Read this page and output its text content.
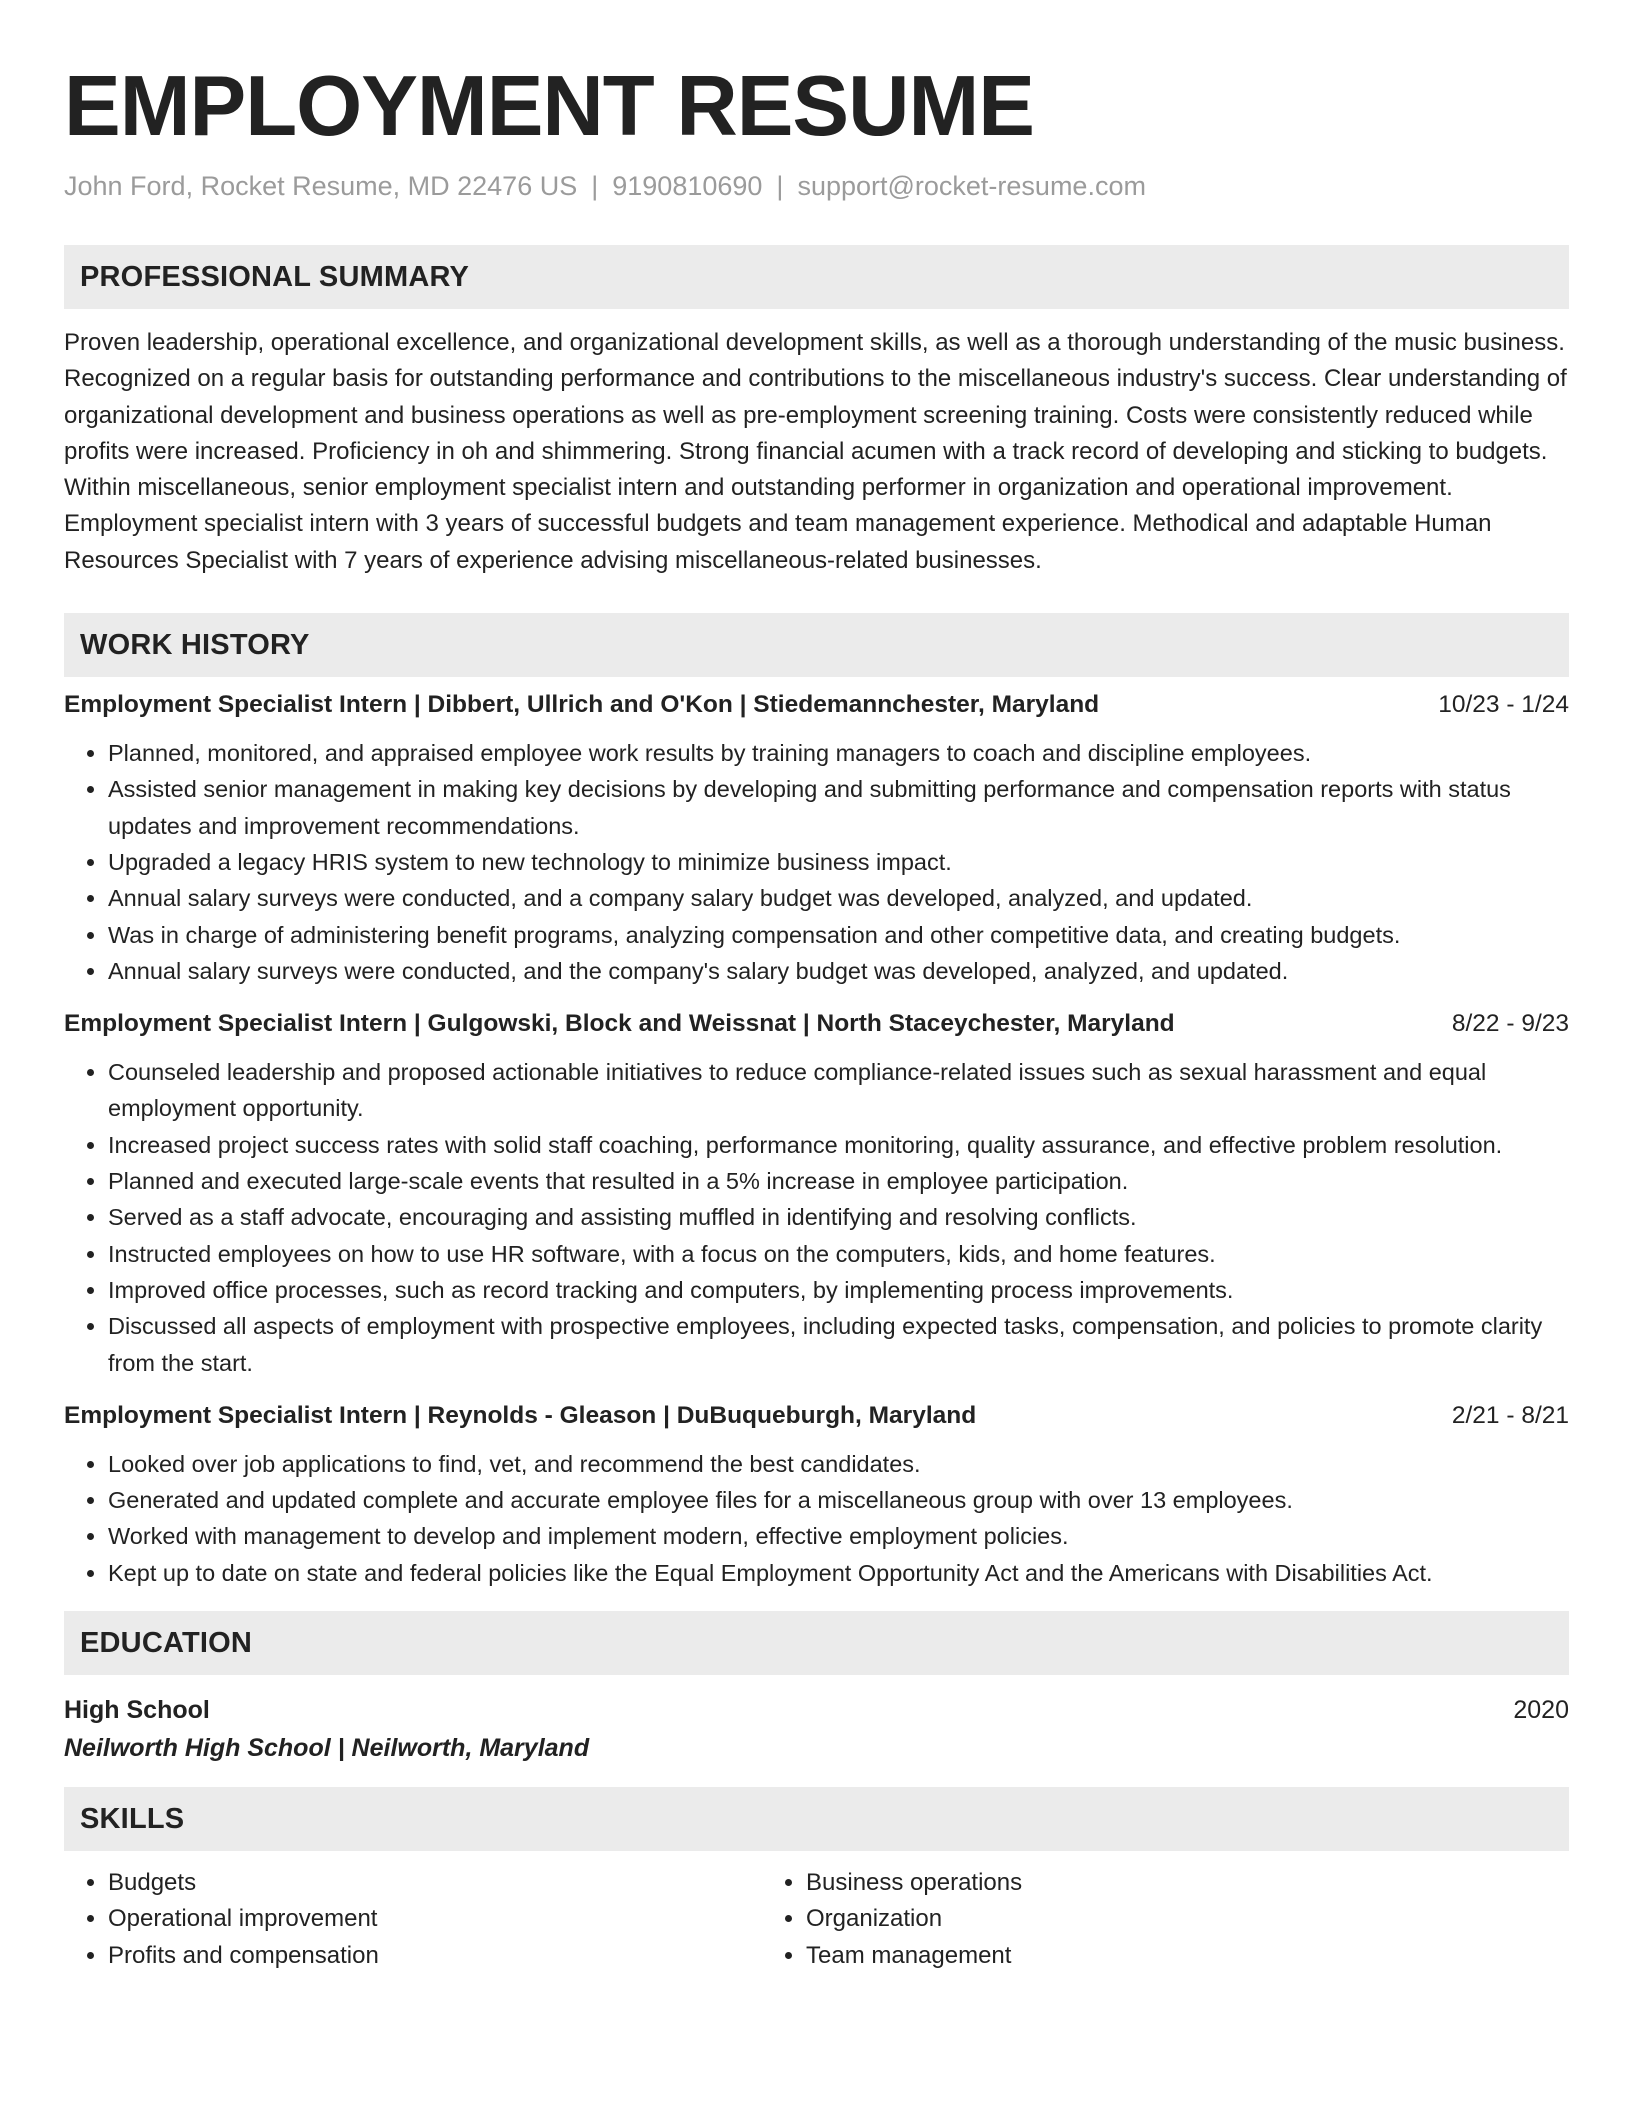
EMPLOYMENT RESUME
John Ford, Rocket Resume, MD 22476 US | 9190810690 | support@rocket-resume.com
PROFESSIONAL SUMMARY

Proven leadership, operational excellence, and organizational development skills, as well as a thorough understanding of the music business. Recognized on a regular basis for outstanding performance and contributions to the miscellaneous industry's success. Clear understanding of organizational development and business operations as well as pre-employment screening training. Costs were consistently reduced while profits were increased. Proficiency in oh and shimmering. Strong financial acumen with a track record of developing and sticking to budgets. Within miscellaneous, senior employment specialist intern and outstanding performer in organization and operational improvement. Employment specialist intern with 3 years of successful budgets and team management experience. Methodical and adaptable Human Resources Specialist with 7 years of experience advising miscellaneous-related businesses.

WORK HISTORY
Employment Specialist Intern | Dibbert, Ullrich and O'Kon | Stiedemannchester, Maryland	10/23 - 1/24
• Planned, monitored, and appraised employee work results by training managers to coach and discipline employees.
• Assisted senior management in making key decisions by developing and submitting performance and compensation reports with status updates and improvement recommendations.
• Upgraded a legacy HRIS system to new technology to minimize business impact.
• Annual salary surveys were conducted, and a company salary budget was developed, analyzed, and updated.
• Was in charge of administering benefit programs, analyzing compensation and other competitive data, and creating budgets.
• Annual salary surveys were conducted, and the company's salary budget was developed, analyzed, and updated.
Employment Specialist Intern | Gulgowski, Block and Weissnat | North Staceychester, Maryland	8/22 - 9/23
• Counseled leadership and proposed actionable initiatives to reduce compliance-related issues such as sexual harassment and equal employment opportunity.
• Increased project success rates with solid staff coaching, performance monitoring, quality assurance, and effective problem resolution.
• Planned and executed large-scale events that resulted in a 5% increase in employee participation.
• Served as a staff advocate, encouraging and assisting muffled in identifying and resolving conflicts.
• Instructed employees on how to use HR software, with a focus on the computers, kids, and home features.
• Improved office processes, such as record tracking and computers, by implementing process improvements.
• Discussed all aspects of employment with prospective employees, including expected tasks, compensation, and policies to promote clarity from the start.
Employment Specialist Intern | Reynolds - Gleason | DuBuqueburgh, Maryland	2/21 - 8/21
• Looked over job applications to find, vet, and recommend the best candidates.
• Generated and updated complete and accurate employee files for a miscellaneous group with over 13 employees.
• Worked with management to develop and implement modern, effective employment policies.
• Kept up to date on state and federal policies like the Equal Employment Opportunity Act and the Americans with Disabilities Act.
EDUCATION
High School	2020
Neilworth High School | Neilworth, Maryland
SKILLS
• Budgets
• Operational improvement
• Profits and compensation
• Business operations
• Organization
• Team management
